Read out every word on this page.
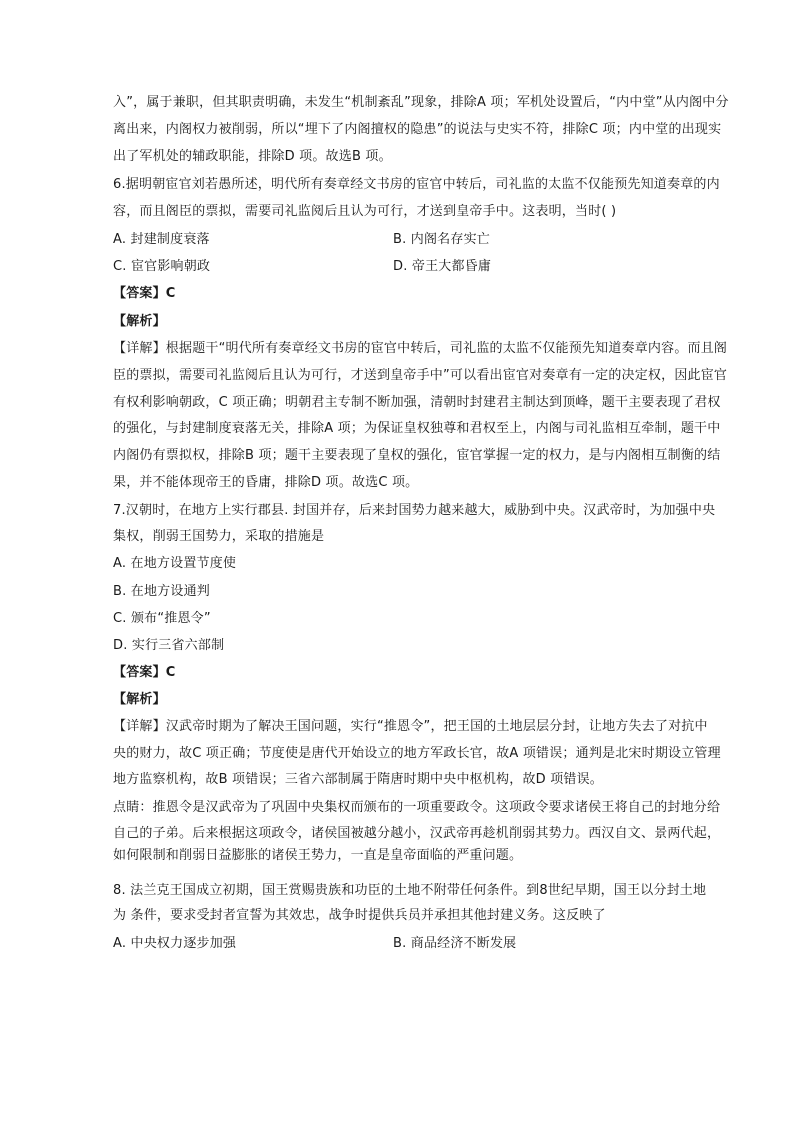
入”，属于兼职，但其职责明确，未发生“机制紊乱”现象，排除A 项；军机处设置后，“内中堂”从内阁中分
离出来，内阁权力被削弱，所以“埋下了内阁擅权的隐患”的说法与史实不符，排除C 项；内中堂的出现实
出了军机处的辅政职能，排除D 项。故选B 项。
6.据明朝宦官刘若愚所述，明代所有奏章经文书房的宦官中转后，司礼监的太监不仅能预先知道奏章的内
容，而且阁臣的票拟，需要司礼监阅后且认为可行，才送到皇帝手中。这表明，当时( )
A. 封建制度衰落	B. 内阁名存实亡
C. 宦官影响朝政	D. 帝王大都昏庸
【答案】C
【解析】
【详解】根据题干“明代所有奏章经文书房的宦官中转后，司礼监的太监不仅能预先知道奏章内容。而且阁
臣的票拟，需要司礼监阅后且认为可行，才送到皇帝手中”可以看出宦官对奏章有一定的决定权，因此宦官
有权利影响朝政，C 项正确；明朝君主专制不断加强，清朝时封建君主制达到顶峰，题干主要表现了君权
的强化，与封建制度衰落无关，排除A 项；为保证皇权独尊和君权至上，内阁与司礼监相互牵制，题干中
内阁仍有票拟权，排除B 项；题干主要表现了皇权的强化，宦官掌握一定的权力，是与内阁相互制衡的结
果，并不能体现帝王的昏庸，排除D 项。故选C 项。
7.汉朝时，在地方上实行郡县. 封国并存，后来封国势力越来越大，威胁到中央。汉武帝时，为加强中央
集权，削弱王国势力，采取的措施是
A. 在地方设置节度使
B. 在地方设通判
C. 颁布“推恩令”
D. 实行三省六部制
【答案】C
【解析】
【详解】汉武帝时期为了解决王国问题，实行“推恩令”，把王国的土地层层分封，让地方失去了对抗中
央的财力，故C 项正确；节度使是唐代开始设立的地方军政长官，故A 项错误；通判是北宋时期设立管理
地方监察机构，故B 项错误；三省六部制属于隋唐时期中央中枢机构，故D 项错误。
点睛：推恩令是汉武帝为了巩固中央集权而颁布的一项重要政令。这项政令要求诸侯王将自己的封地分给
自己的子弟。后来根据这项政令，诸侯国被越分越小，汉武帝再趁机削弱其势力。西汉自文、景两代起，
如何限制和削弱日益膨胀的诸侯王势力，一直是皇帝面临的严重问题。
8. 法兰克王国成立初期，国王赏赐贵族和功臣的土地不附带任何条件。到8世纪早期，国王以分封土地
为 条件，要求受封者宣誓为其效忠，战争时提供兵员并承担其他封建义务。这反映了
A. 中央权力逐步加强	B. 商品经济不断发展
